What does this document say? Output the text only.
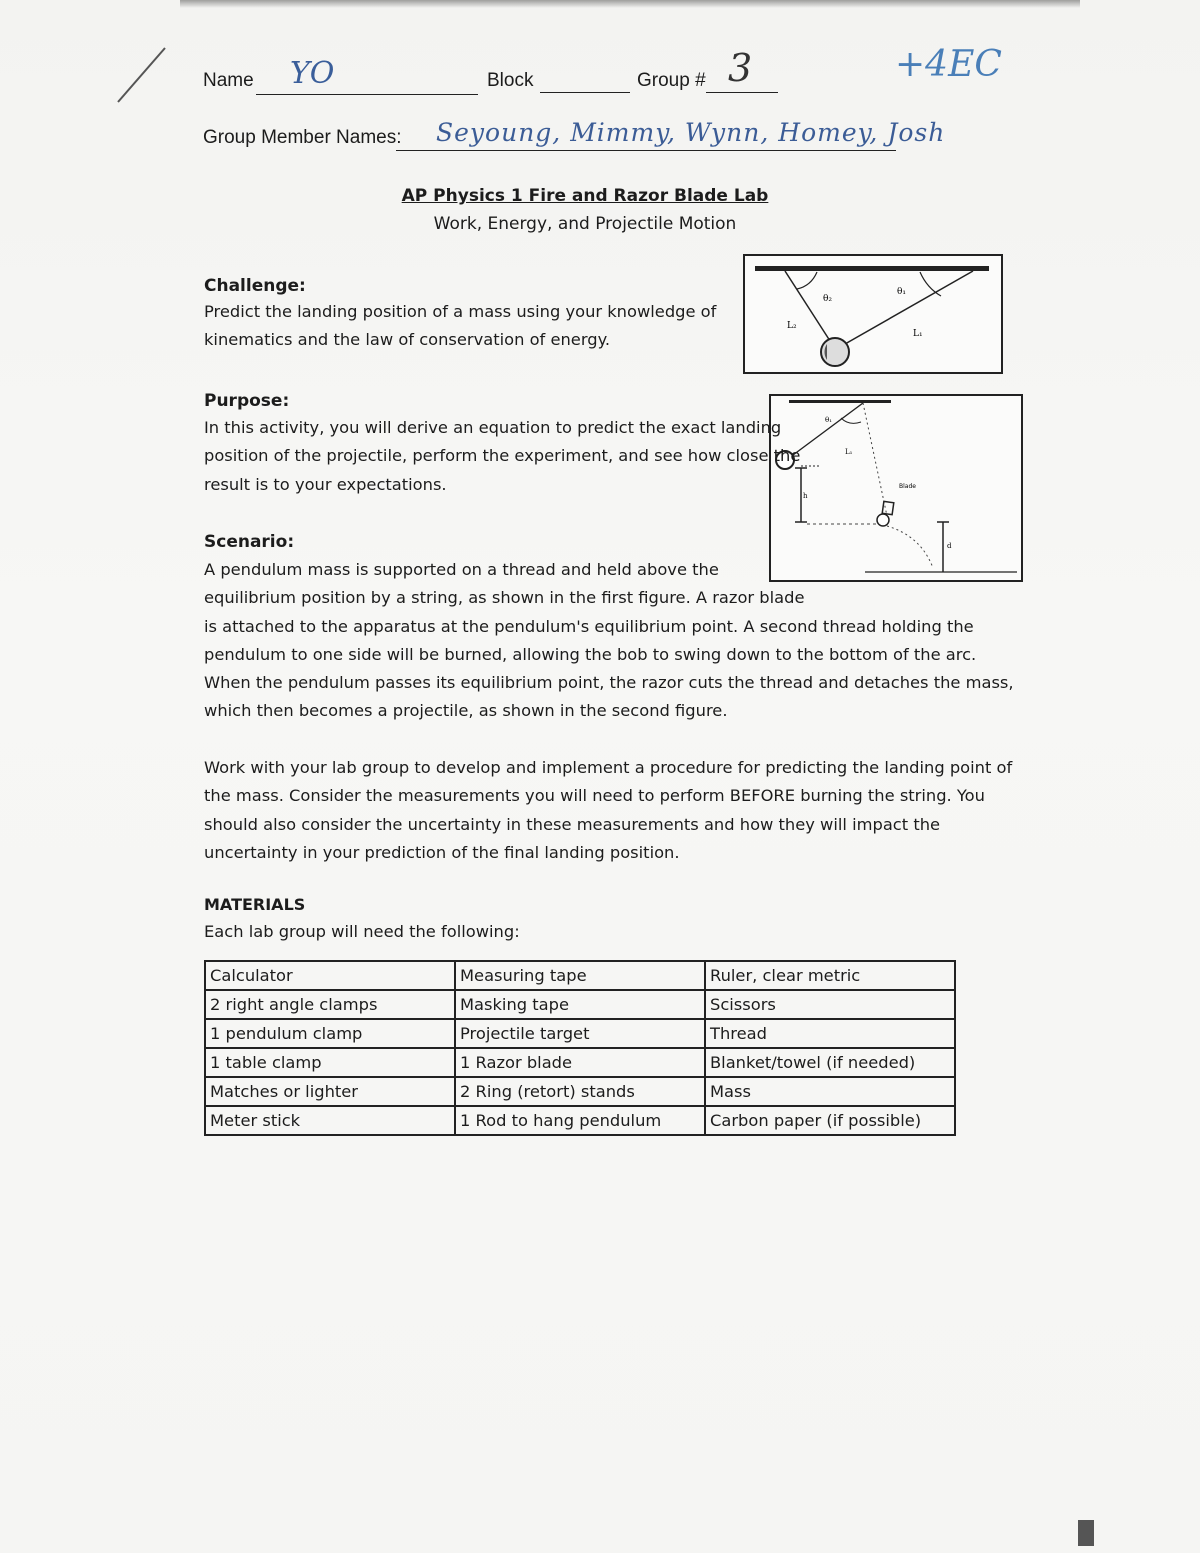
Name YO	Block	Group # 3	+4EC
Group Member Names: Seyoung, Mimmy, Wynn, Homey, Josh
AP Physics 1 Fire and Razor Blade Lab
Work, Energy, and Projectile Motion
θ₂
θ₁
L₂
L₁
θ₁
L₁
h
Blade
d
Challenge:
Predict the landing position of a mass using your knowledge of
kinematics and the law of conservation of energy.
Purpose:
In this activity, you will derive an equation to predict the exact landing
position of the projectile, perform the experiment, and see how close the
result is to your expectations.
Scenario:
A pendulum mass is supported on a thread and held above the
equilibrium position by a string, as shown in the first figure. A razor blade
is attached to the apparatus at the pendulum's equilibrium point. A second thread holding the
pendulum to one side will be burned, allowing the bob to swing down to the bottom of the arc.
When the pendulum passes its equilibrium point, the razor cuts the thread and detaches the mass,
which then becomes a projectile, as shown in the second figure.
Work with your lab group to develop and implement a procedure for predicting the landing point of
the mass. Consider the measurements you will need to perform BEFORE burning the string. You
should also consider the uncertainty in these measurements and how they will impact the
uncertainty in your prediction of the final landing position.
MATERIALS
Each lab group will need the following:
Calculator	Measuring tape	Ruler, clear metric
2 right angle clamps	Masking tape	Scissors
1 pendulum clamp	Projectile target	Thread
1 table clamp	1 Razor blade	Blanket/towel (if needed)
Matches or lighter	2 Ring (retort) stands	Mass
Meter stick	1 Rod to hang pendulum	Carbon paper (if possible)
